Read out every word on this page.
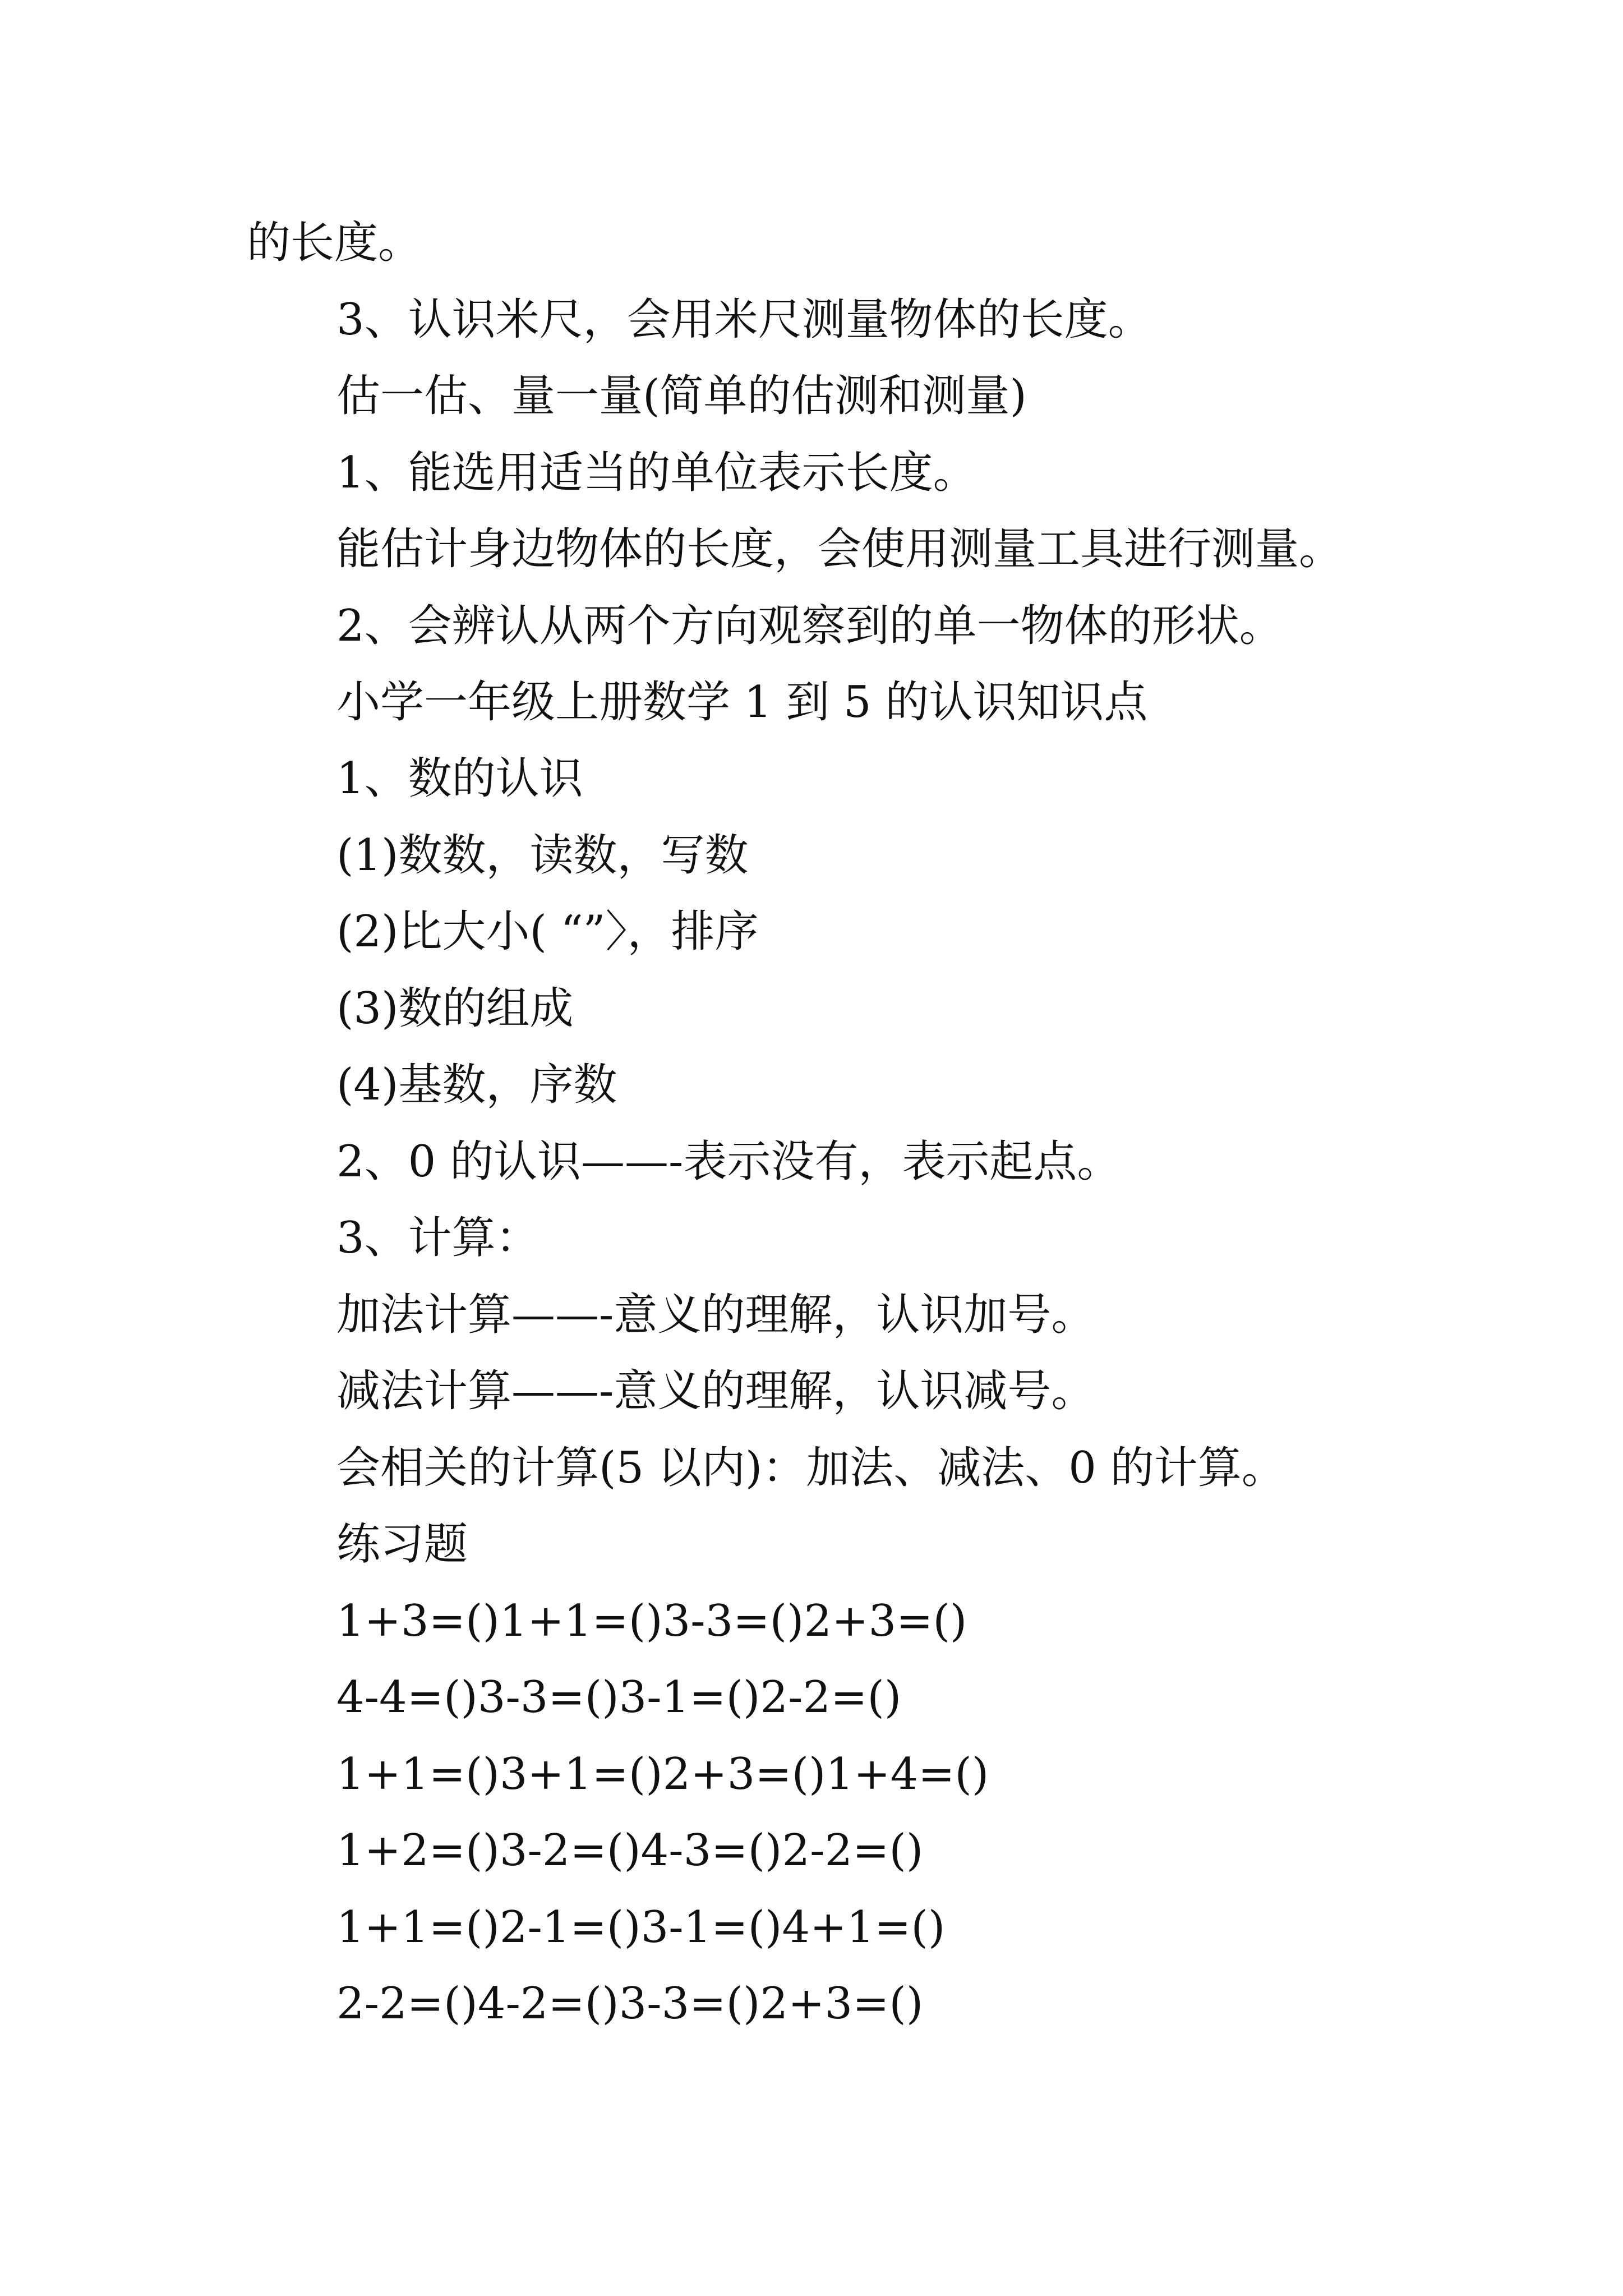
的长度。

3、认识米尺，会用米尺测量物体的长度。

估一估、量一量(简单的估测和测量)

1、能选用适当的单位表示长度。

能估计身边物体的长度，会使用测量工具进行测量。

2、会辨认从两个方向观察到的单一物体的形状。

小学一年级上册数学 1 到 5 的认识知识点

1、数的认识

(1)数数，读数，写数

(2)比大小( “”〉，排序

(3)数的组成

(4)基数，序数

2、0 的认识——-表示没有，表示起点。

3、计算：

加法计算——-意义的理解，认识加号。

减法计算——-意义的理解，认识减号。

会相关的计算(5 以内)：加法、减法、0 的计算。

练习题

1+3=()1+1=()3-3=()2+3=()

4-4=()3-3=()3-1=()2-2=()

1+1=()3+1=()2+3=()1+4=()

1+2=()3-2=()4-3=()2-2=()

1+1=()2-1=()3-1=()4+1=()

2-2=()4-2=()3-3=()2+3=()
